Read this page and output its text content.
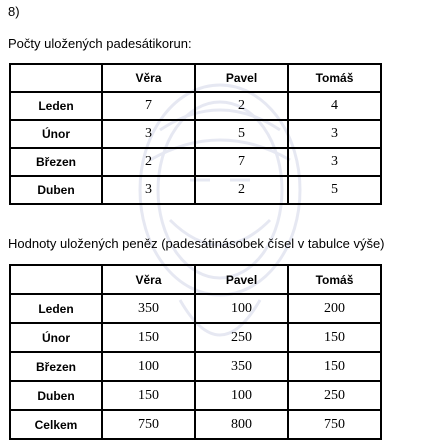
8)
Počty uložených padesátikorun:
	Věra	Pavel	Tomáš
Leden	7	2	4
Únor	3	5	3
Březen	2	7	3
Duben	3	2	5
Hodnoty uložených peněz (padesátinásobek čísel v tabulce výše)
	Věra	Pavel	Tomáš
Leden	350	100	200
Únor	150	250	150
Březen	100	350	150
Duben	150	100	250
Celkem	750	800	750
